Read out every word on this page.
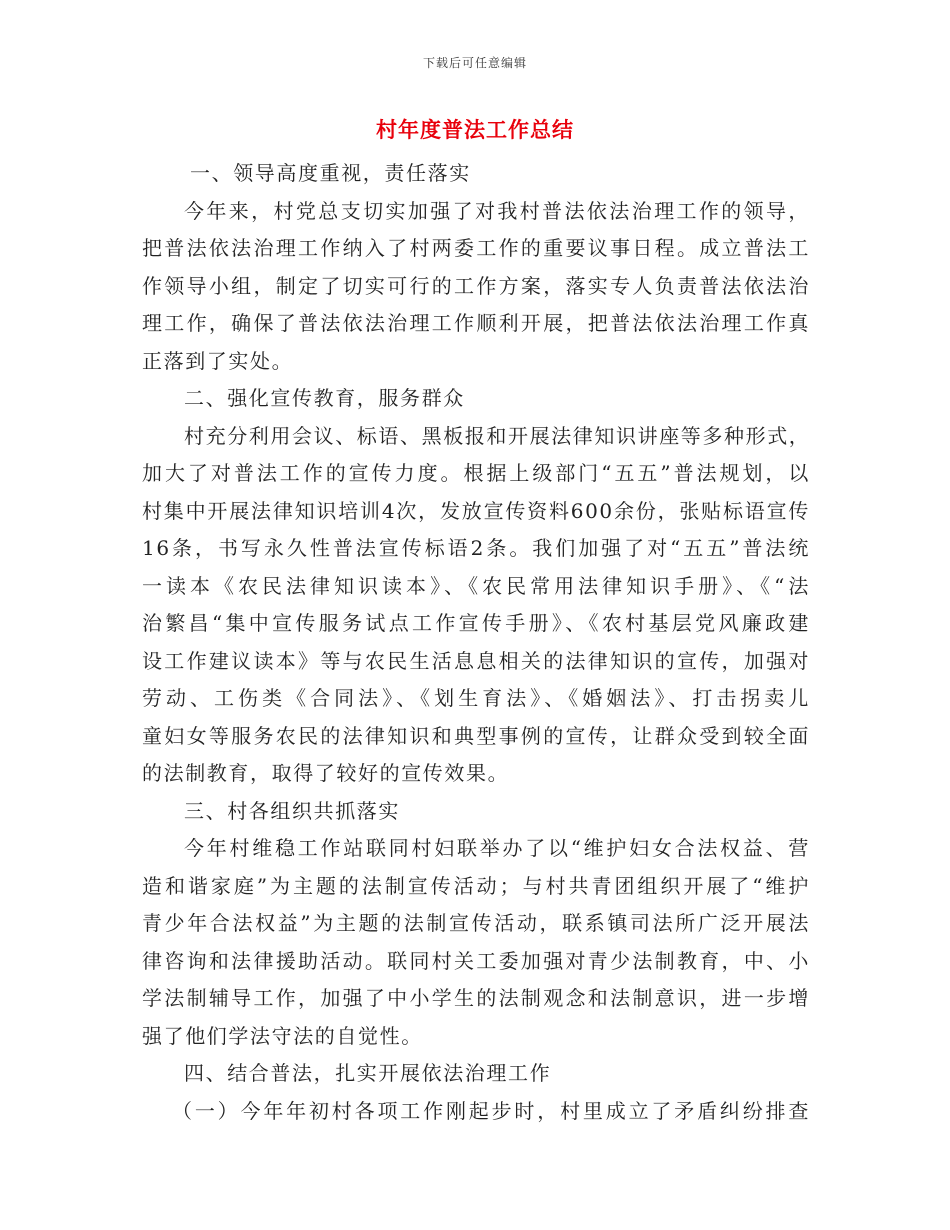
下载后可任意编辑
村年度普法工作总结
一、领导高度重视，责任落实
今年来，村党总支切实加强了对我村普法依法治理工作的领导，
把普法依法治理工作纳入了村两委工作的重要议事日程。成立普法工
作领导小组，制定了切实可行的工作方案，落实专人负责普法依法治
理工作，确保了普法依法治理工作顺利开展，把普法依法治理工作真
正落到了实处。
二、强化宣传教育，服务群众
村充分利用会议、标语、黑板报和开展法律知识讲座等多种形式，
加大了对普法工作的宣传力度。根据上级部门“五五”普法规划，以
村集中开展法律知识培训4次，发放宣传资料600余份，张贴标语宣传
16条，书写永久性普法宣传标语2条。我们加强了对“五五”普法统
一读本《农民法律知识读本》、《农民常用法律知识手册》、《“法
治繁昌“集中宣传服务试点工作宣传手册》、《农村基层党风廉政建
设工作建议读本》等与农民生活息息相关的法律知识的宣传，加强对
劳动、工伤类《合同法》、《划生育法》、《婚姻法》、打击拐卖儿
童妇女等服务农民的法律知识和典型事例的宣传，让群众受到较全面
的法制教育，取得了较好的宣传效果。
三、村各组织共抓落实
今年村维稳工作站联同村妇联举办了以“维护妇女合法权益、营
造和谐家庭”为主题的法制宣传活动；与村共青团组织开展了“维护
青少年合法权益”为主题的法制宣传活动，联系镇司法所广泛开展法
律咨询和法律援助活动。联同村关工委加强对青少法制教育，中、小
学法制辅导工作，加强了中小学生的法制观念和法制意识，进一步增
强了他们学法守法的自觉性。
四、结合普法，扎实开展依法治理工作
（一）今年年初村各项工作刚起步时，村里成立了矛盾纠纷排查
